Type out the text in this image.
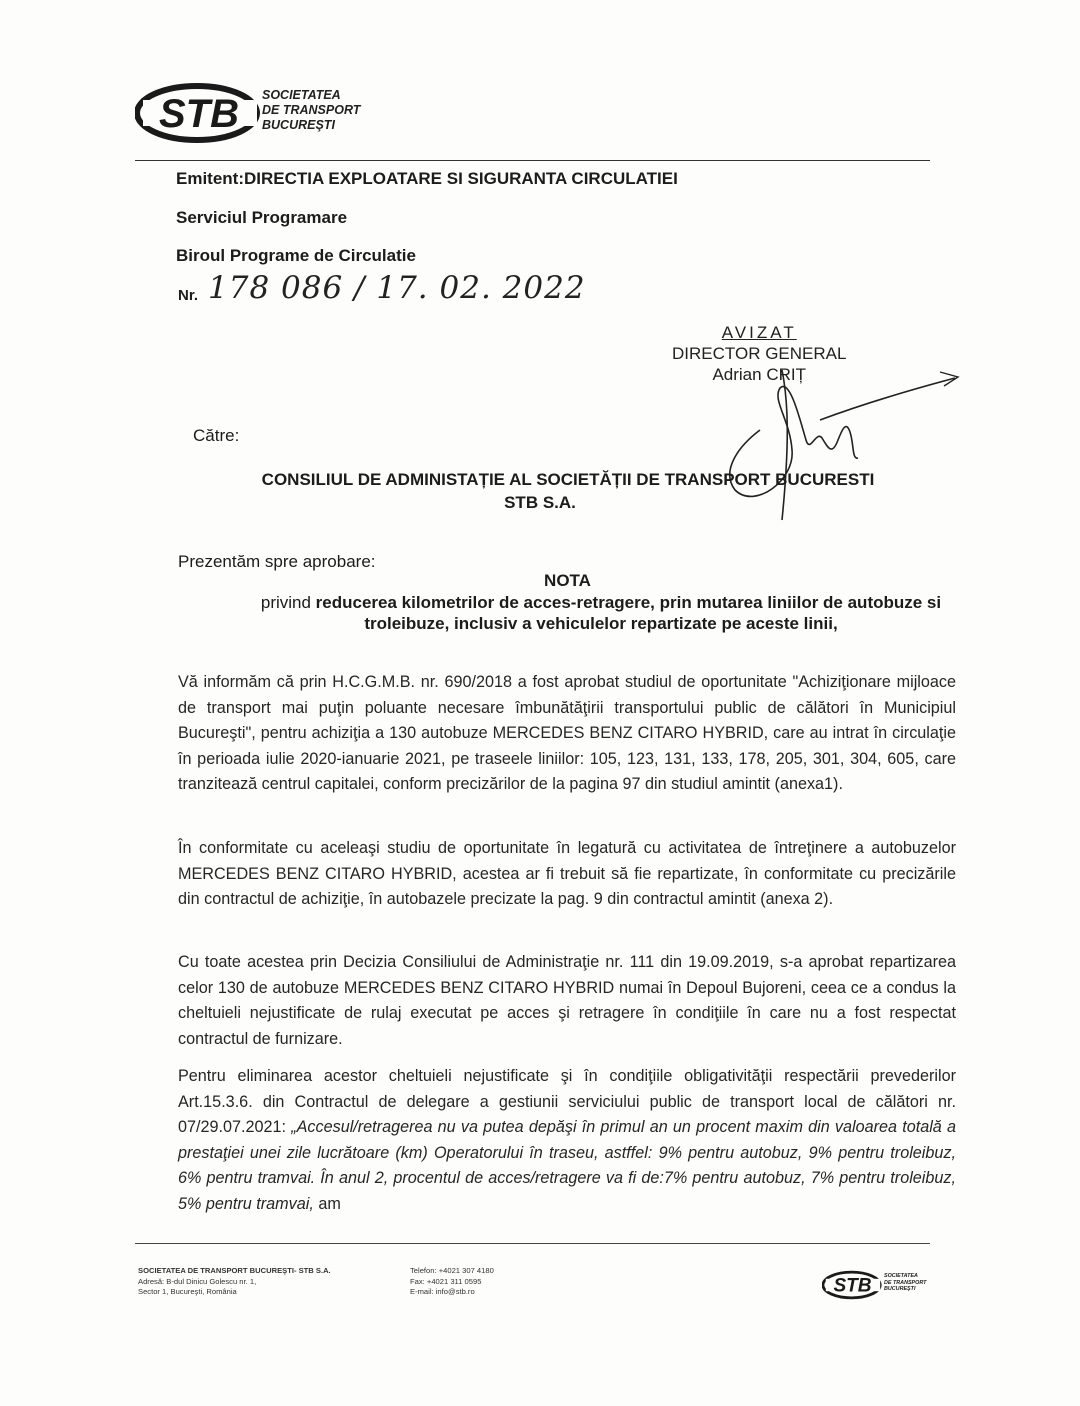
STB SOCIETATEA
DE TRANSPORT
BUCUREŞTI
Emitent:DIRECTIA EXPLOATARE SI SIGURANTA CIRCULATIEI
Serviciul Programare
Biroul Programe de Circulatie
Nr. 178 086 / 17. 02. 2022
AVIZAT
DIRECTOR GENERAL
Adrian CRIȚ
Către:
CONSILIUL DE ADMINISTAȚIE AL SOCIETĂȚII DE TRANSPORT BUCURESTI
STB S.A.
Prezentăm spre aprobare:
NOTA
privind reducerea kilometrilor de acces-retragere, prin mutarea liniilor de autobuze si troleibuze, inclusiv a vehiculelor repartizate pe aceste linii,
Vă informăm că prin H.C.G.M.B. nr. 690/2018 a fost aprobat studiul de oportunitate "Achiziţionare mijloace de transport mai puţin poluante necesare îmbunătăţirii transportului public de călători în Municipiul Bucureşti", pentru achiziţia a 130 autobuze MERCEDES BENZ CITARO HYBRID, care au intrat în circulaţie în perioada iulie 2020-ianuarie 2021, pe traseele liniilor: 105, 123, 131, 133, 178, 205, 301, 304, 605, care tranzitează centrul capitalei, conform precizărilor de la pagina 97 din studiul amintit (anexa1).
În conformitate cu aceleaşi studiu de oportunitate în legatură cu activitatea de întreţinere a autobuzelor MERCEDES BENZ CITARO HYBRID, acestea ar fi trebuit să fie repartizate, în conformitate cu precizările din contractul de achiziţie, în autobazele precizate la pag. 9 din contractul amintit (anexa 2).
Cu toate acestea prin Decizia Consiliului de Administraţie nr. 111 din 19.09.2019, s-a aprobat repartizarea celor 130 de autobuze MERCEDES BENZ CITARO HYBRID numai în Depoul Bujoreni, ceea ce a condus la cheltuieli nejustificate de rulaj executat pe acces şi retragere în condiţiile în care nu a fost respectat contractul de furnizare.
Pentru eliminarea acestor cheltuieli nejustificate şi în condiţiile obligativităţii respectării prevederilor Art.15.3.6. din Contractul de delegare a gestiunii serviciului public de transport local de călători nr. 07/29.07.2021: „Accesul/retragerea nu va putea depăşi în primul an un procent maxim din valoarea totală a prestaţiei unei zile lucrătoare (km) Operatorului în traseu, astffel: 9% pentru autobuz, 9% pentru troleibuz, 6% pentru tramvai. În anul 2, procentul de acces/retragere va fi de:7% pentru autobuz, 7% pentru troleibuz, 5% pentru tramvai, am
SOCIETATEA DE TRANSPORT BUCUREŞTI- STB S.A.
Adresă: B-dul Dinicu Golescu nr. 1,
Sector 1, Bucureşti, România
Telefon: +4021 307 4180
Fax: +4021 311 0595
E-mail: info@stb.ro	STB SOCIETATEA
DE TRANSPORT
BUCUREŞTI
